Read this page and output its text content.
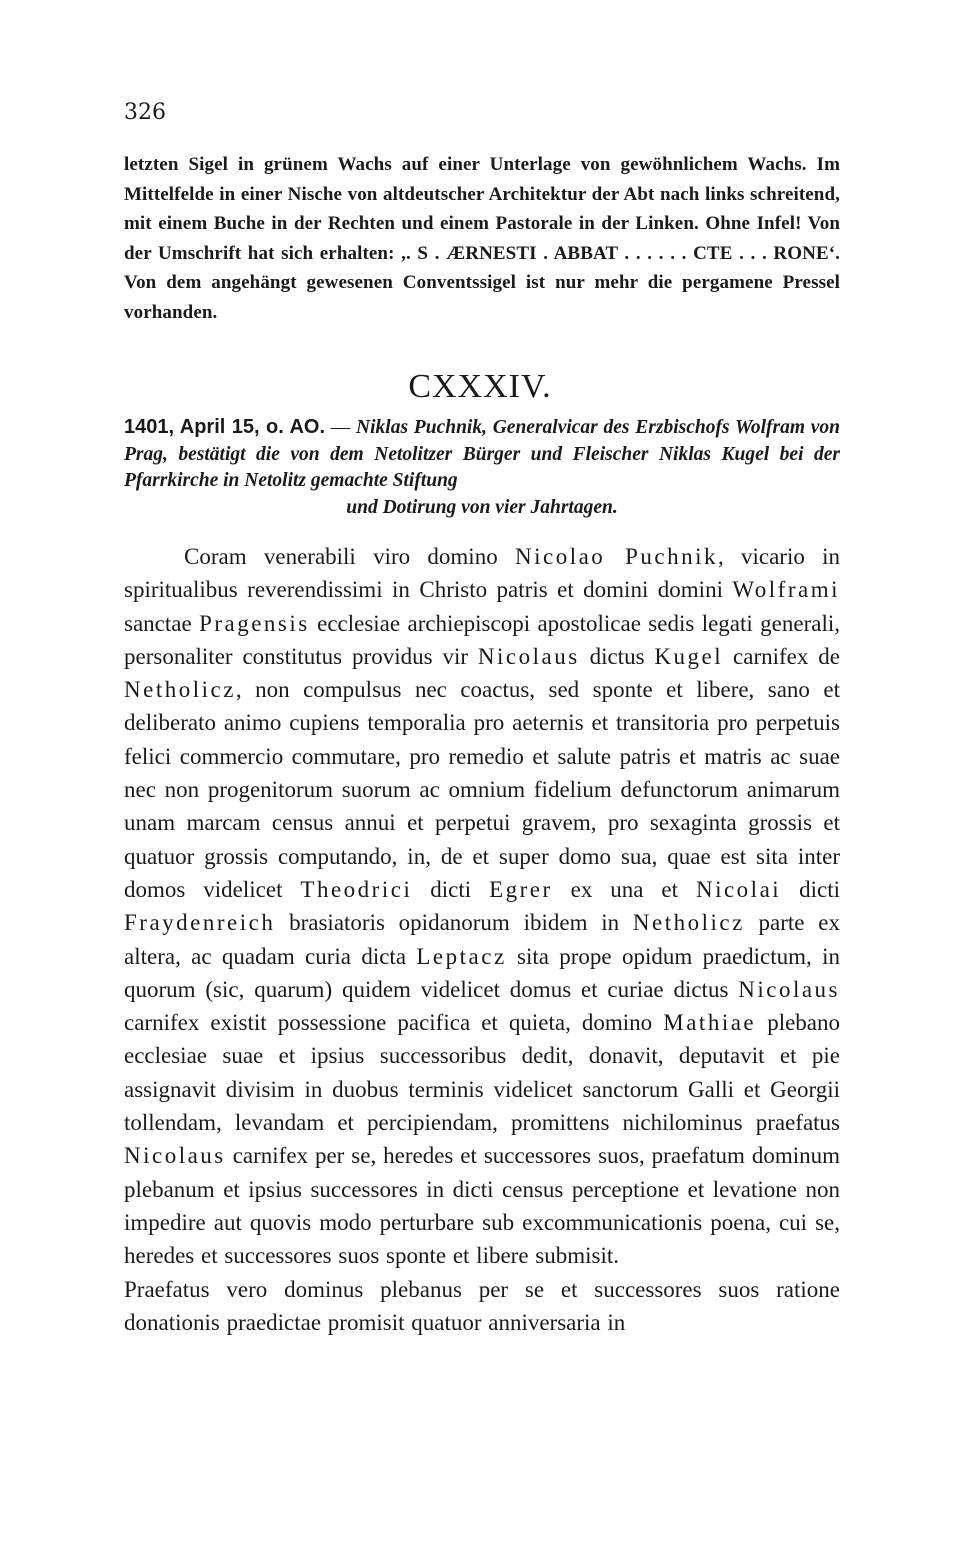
326
letzten Sigel in grünem Wachs auf einer Unterlage von gewöhnlichem Wachs. Im Mittelfelde in einer Nische von altdeutscher Architektur der Abt nach links schreitend, mit einem Buche in der Rechten und einem Pastorale in der Linken. Ohne Infel! Von der Umschrift hat sich erhalten: ,. S . ÆRNESTI . ABBAT . . . . . . CTE . . . RONE‘. Von dem angehängt gewesenen Conventssigel ist nur mehr die pergamene Pressel vorhanden.
CXXXIV.
1401, April 15, o. AO. — Niklas Puchnik, Generalvicar des Erzbischofs Wolfram von Prag, bestätigt die von dem Netolitzer Bürger und Fleischer Niklas Kugel bei der Pfarrkirche in Netolitz gemachte Stiftung
und Dotirung von vier Jahrtagen.

Coram venerabili viro domino Nicolao Puchnik, vicario in spiritualibus reverendissimi in Christo patris et domini domini Wolframi sanctae Pragensis ecclesiae archiepiscopi apostolicae sedis legati generali, personaliter constitutus providus vir Nicolaus dictus Kugel carnifex de Netholicz, non compulsus nec coactus, sed sponte et libere, sano et deliberato animo cupiens temporalia pro aeternis et transitoria pro perpetuis felici commercio commutare, pro remedio et salute patris et matris ac suae nec non progenitorum suorum ac omnium fidelium defunctorum animarum unam marcam census annui et perpetui gravem, pro sexaginta grossis et quatuor grossis computando, in, de et super domo sua, quae est sita inter domos videlicet Theodrici dicti Egrer ex una et Nicolai dicti Fraydenreich brasiatoris opidanorum ibidem in Netholicz parte ex altera, ac quadam curia dicta Leptacz sita prope opidum praedictum, in quorum (sic, quarum) quidem videlicet domus et curiae dictus Nicolaus carnifex existit possessione pacifica et quieta, domino Mathiae plebano ecclesiae suae et ipsius successoribus dedit, donavit, deputavit et pie assignavit divisim in duobus terminis videlicet sanctorum Galli et Georgii tollendam, levandam et percipiendam, promittens nichilominus praefatus Nicolaus carnifex per se, heredes et successores suos, praefatum dominum plebanum et ipsius successores in dicti census perceptione et levatione non impedire aut quovis modo perturbare sub excommunicationis poena, cui se, heredes et successores suos sponte et libere submisit.

Praefatus vero dominus plebanus per se et successores suos ratione donationis praedictae promisit quatuor anniversaria in
